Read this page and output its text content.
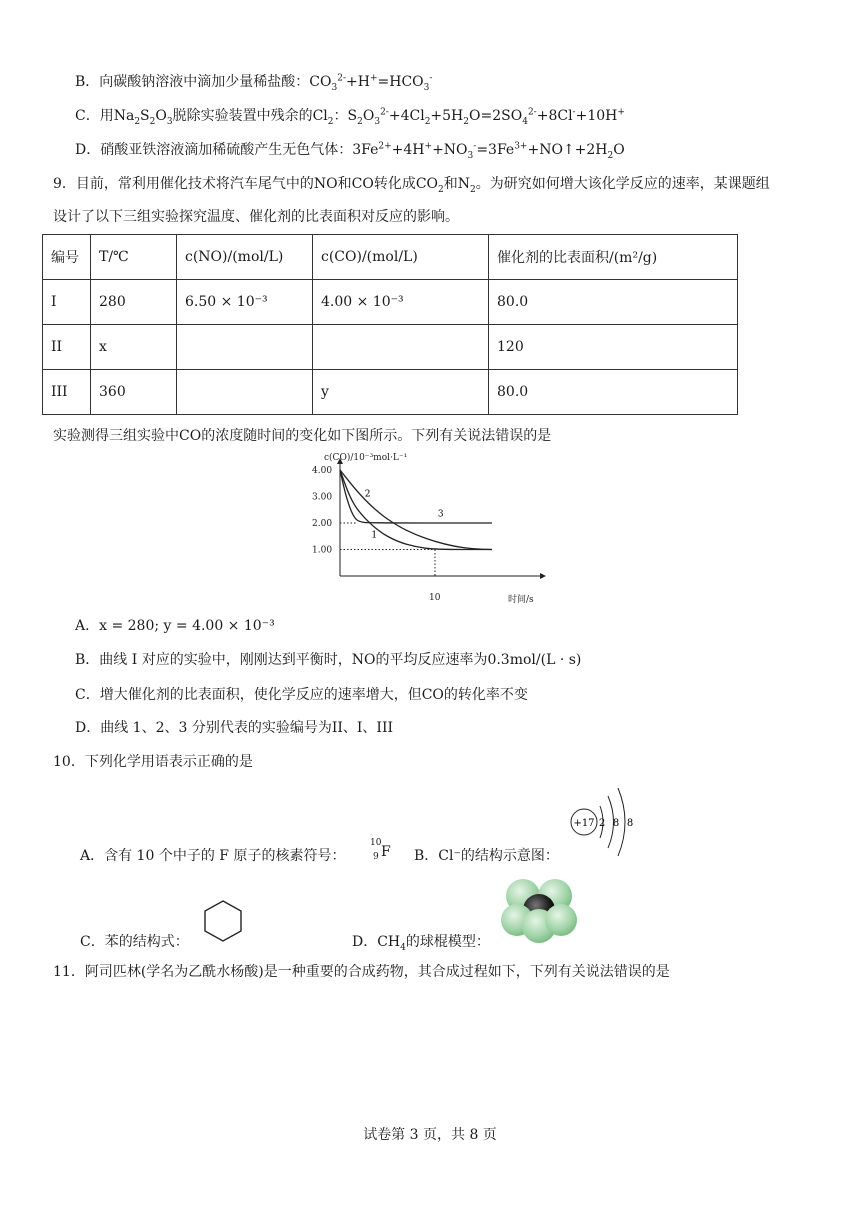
B．向碳酸钠溶液中滴加少量稀盐酸：$CO_3^{2-}+H^+=HCO_3^-$
C．用$Na_2S_2O_3$脱除实验装置中残余的$Cl_2$：$S_2O_3^{2-}+4Cl_2+5H_2O=2SO_4^{2-}+8Cl^-+10H^+$
D．硝酸亚铁溶液滴加稀硫酸产生无色气体：$3Fe^{2+}+4H^++NO_3^-=3Fe^{3+}+NO↑+2H_2O$
9．目前，常利用催化技术将汽车尾气中的NO和CO转化成$CO_2$和$N_2$。为研究如何增大该化学反应的速率，某课题组
设计了以下三组实验探究温度、催化剂的比表面积对反应的影响。
编号	T/℃	c(NO)/(mol/L)	c(CO)/(mol/L)	催化剂的比表面积/(m²/g)
I	280	6.50 × 10⁻³	4.00 × 10⁻³	80.0
II	x			120
III	360		y	80.0
实验测得三组实验中CO的浓度随时间的变化如下图所示。下列有关说法错误的是
c(CO)/10⁻³mol·L⁻¹
时间/s
4.00
3.00
2.00
1.00
10
1
2
3
A．x = 280; y = 4.00 × 10⁻³
B．曲线 I 对应的实验中，刚刚达到平衡时，NO的平均反应速率为0.3mol/(L · s)
C．增大催化剂的比表面积，使化学反应的速率增大，但CO的转化率不变
D．曲线 1、2、3 分别代表的实验编号为II、I、III
10．下列化学用语表示正确的是
A．含有 10 个中子的 F 原子的核素符号：
10
9 F B．Cl⁻的结构示意图：
+17 2 8 8
C．苯的结构式：	D．$CH_4$的球棍模型：
11．阿司匹林(学名为乙酰水杨酸)是一种重要的合成药物，其合成过程如下，下列有关说法错误的是
试卷第 3 页，共 8 页
